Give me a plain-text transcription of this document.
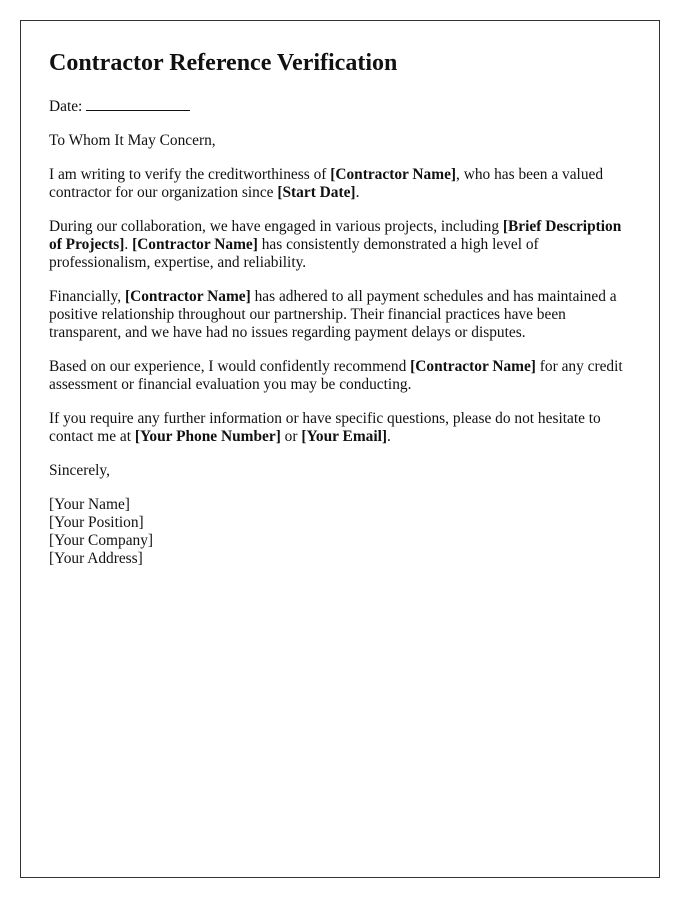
Contractor Reference Verification

Date:

To Whom It May Concern,

I am writing to verify the creditworthiness of [Contractor Name], who has been a valued contractor for our organization since [Start Date].

During our collaboration, we have engaged in various projects, including [Brief Description of Projects]. [Contractor Name] has consistently demonstrated a high level of professionalism, expertise, and reliability.

Financially, [Contractor Name] has adhered to all payment schedules and has maintained a positive relationship throughout our partnership. Their financial practices have been transparent, and we have had no issues regarding payment delays or disputes.

Based on our experience, I would confidently recommend [Contractor Name] for any credit assessment or financial evaluation you may be conducting.

If you require any further information or have specific questions, please do not hesitate to contact me at [Your Phone Number] or [Your Email].

Sincerely,

[Your Name]
[Your Position]
[Your Company]
[Your Address]
